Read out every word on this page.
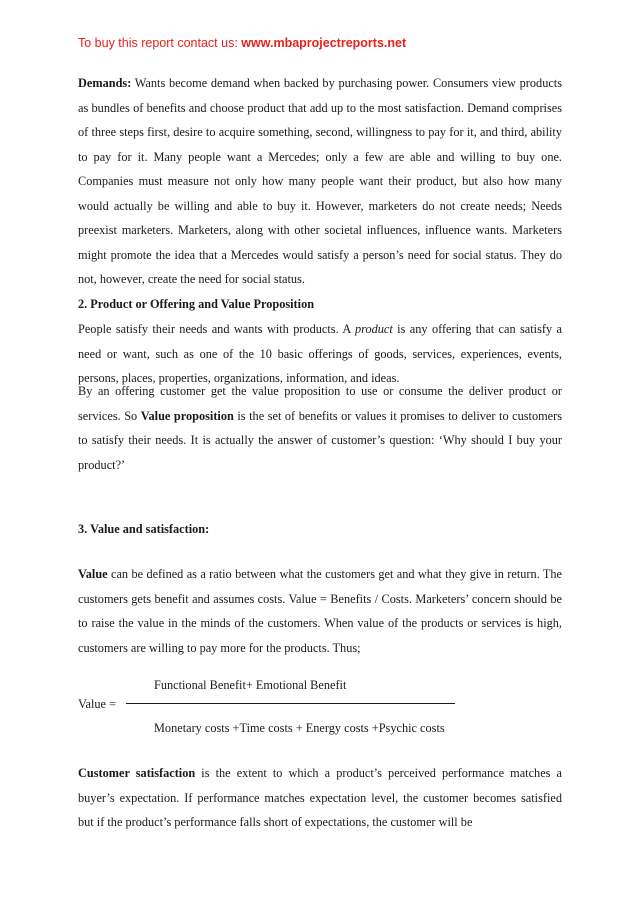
To buy this report contact us: www.mbaprojectreports.net
Demands: Wants become demand when backed by purchasing power. Consumers view products as bundles of benefits and choose product that add up to the most satisfaction. Demand comprises of three steps first, desire to acquire something, second, willingness to pay for it, and third, ability to pay for it. Many people want a Mercedes; only a few are able and willing to buy one. Companies must measure not only how many people want their product, but also how many would actually be willing and able to buy it. However, marketers do not create needs; Needs preexist marketers. Marketers, along with other societal influences, influence wants. Marketers might promote the idea that a Mercedes would satisfy a person’s need for social status. They do not, however, create the need for social status.
2. Product or Offering and Value Proposition
People satisfy their needs and wants with products. A product is any offering that can satisfy a need or want, such as one of the 10 basic offerings of goods, services, experiences, events, persons, places, properties, organizations, information, and ideas.
By an offering customer get the value proposition to use or consume the deliver product or services. So Value proposition is the set of benefits or values it promises to deliver to customers to satisfy their needs. It is actually the answer of customer’s question: ‘Why should I buy your product?’
3. Value and satisfaction:
Value can be defined as a ratio between what the customers get and what they give in return. The customers gets benefit and assumes costs. Value = Benefits / Costs. Marketers’ concern should be to raise the value in the minds of the customers. When value of the products or services is high, customers are willing to pay more for the products. Thus;
Functional Benefit+ Emotional Benefit
Value =
Monetary costs +Time costs + Energy costs +Psychic costs
Customer satisfaction is the extent to which a product’s perceived performance matches a buyer’s expectation. If performance matches expectation level, the customer becomes satisfied but if the product’s performance falls short of expectations, the customer will be
